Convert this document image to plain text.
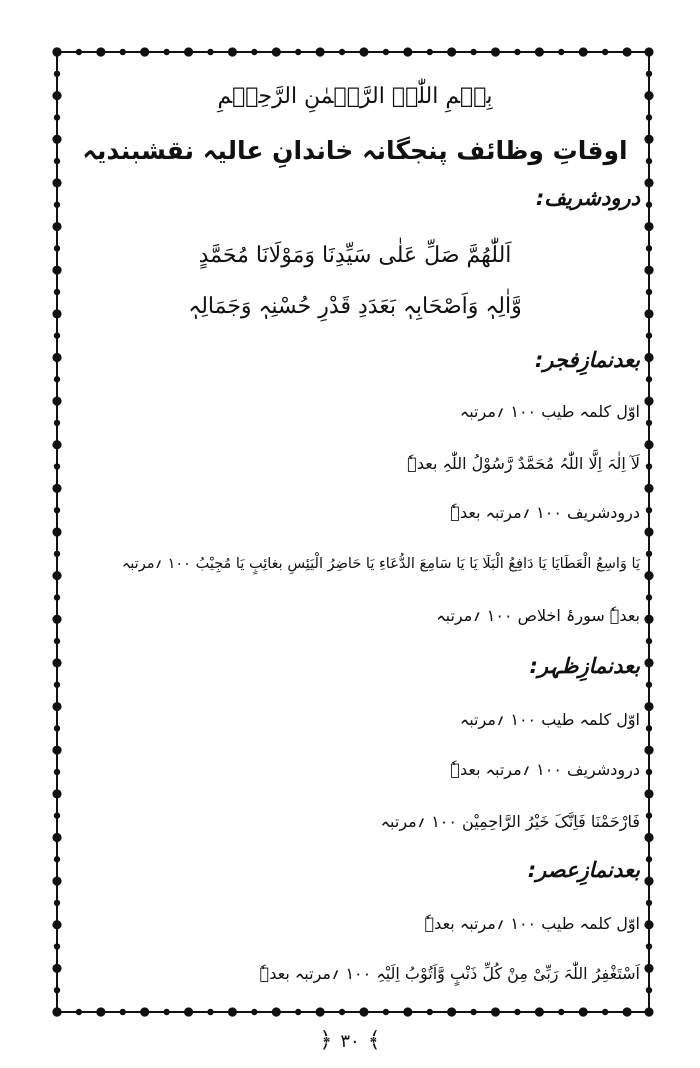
بِسۡمِ اللّٰہِ الرَّحۡمٰنِ الرَّحِیۡمِ
اوقاتِ وظائف پنجگانہ خاندانِ عالیہ نقشبندیہ
درودشریف:
اَللّٰھُمَّ صَلِّ عَلٰی سَیِّدِنَا وَمَوْلَانَا مُحَمَّدٍ
وَّاٰلِہٖ وَاَصْحَابِہٖ بَعَدَدِ قَدْرِ حُسْنِہٖ وَجَمَالِہٖ
بعدنمازِفجر:
اوّل کلمہ طیب ۱۰۰ ؍مرتبہ
لَآ اِلٰہَ اِلَّا اللّٰہُ مُحَمَّدٌ رَّسُوْلُ اللّٰہِ بعدہٗ
درودشریف ۱۰۰ ؍مرتبہ بعدہٗ
یَا وَاسِعُ الْعَطَایَا یَا دَافِعُ الْبَلَا یَا یَا سَامِعَ الدُّعَاءِ یَا حَاضِرُ الْیَئِسِ بغائِبٍ یَا مُجِیْبُ ۱۰۰ ؍مرتبہ
بعدہٗ سورۂ اخلاص ۱۰۰ ؍مرتبہ
بعدنمازِظہر:
اوّل کلمہ طیب ۱۰۰ ؍مرتبہ
درودشریف ۱۰۰ ؍مرتبہ بعدہٗ
فَارْحَمْنَا فَاِنَّکَ خَیْرُ الرَّاحِمِیْن ۱۰۰ ؍مرتبہ
بعدنمازِعصر:
اوّل کلمہ طیب ۱۰۰ ؍مرتبہ بعدہٗ
اَسْتَغْفِرُ اللّٰہَ رَبِّیْ مِنْ کُلِّ ذَنْبٍ وَّاَتُوْبُ اِلَیْہِ ۱۰۰ ؍مرتبہ بعدہٗ
﴾۳۰﴿
